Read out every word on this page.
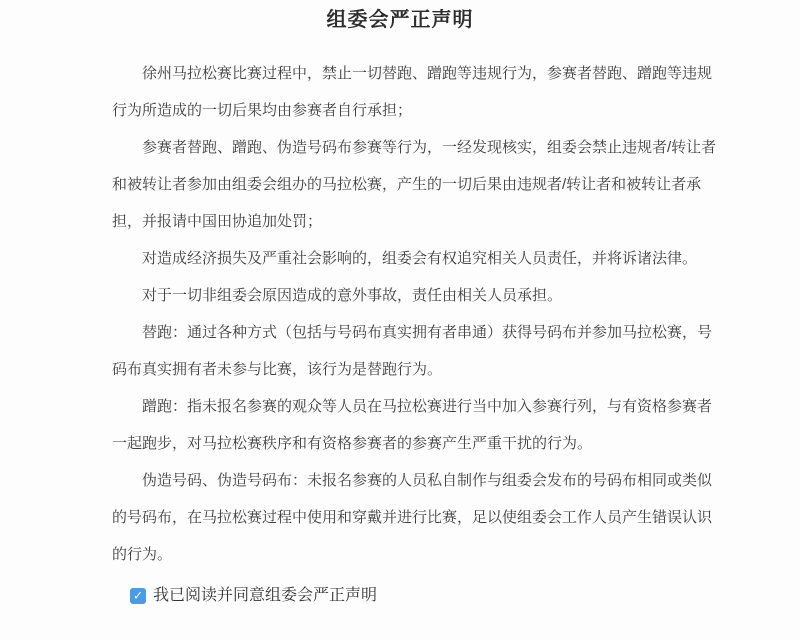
组委会严正声明

徐州马拉松赛比赛过程中，禁止一切替跑、蹭跑等违规行为，参赛者替跑、蹭跑等违规
行为所造成的一切后果均由参赛者自行承担；

参赛者替跑、蹭跑、伪造号码布参赛等行为，一经发现核实，组委会禁止违规者/转让者
和被转让者参加由组委会组办的马拉松赛，产生的一切后果由违规者/转让者和被转让者承
担，并报请中国田协追加处罚；

对造成经济损失及严重社会影响的，组委会有权追究相关人员责任，并将诉诸法律。

对于一切非组委会原因造成的意外事故，责任由相关人员承担。

替跑：通过各种方式（包括与号码布真实拥有者串通）获得号码布并参加马拉松赛，号
码布真实拥有者未参与比赛，该行为是替跑行为。

蹭跑：指未报名参赛的观众等人员在马拉松赛进行当中加入参赛行列，与有资格参赛者
一起跑步，对马拉松赛秩序和有资格参赛者的参赛产生严重干扰的行为。

伪造号码、伪造号码布：未报名参赛的人员私自制作与组委会发布的号码布相同或类似
的号码布，在马拉松赛过程中使用和穿戴并进行比赛，足以使组委会工作人员产生错误认识
的行为。

✓ 我已阅读并同意组委会严正声明
